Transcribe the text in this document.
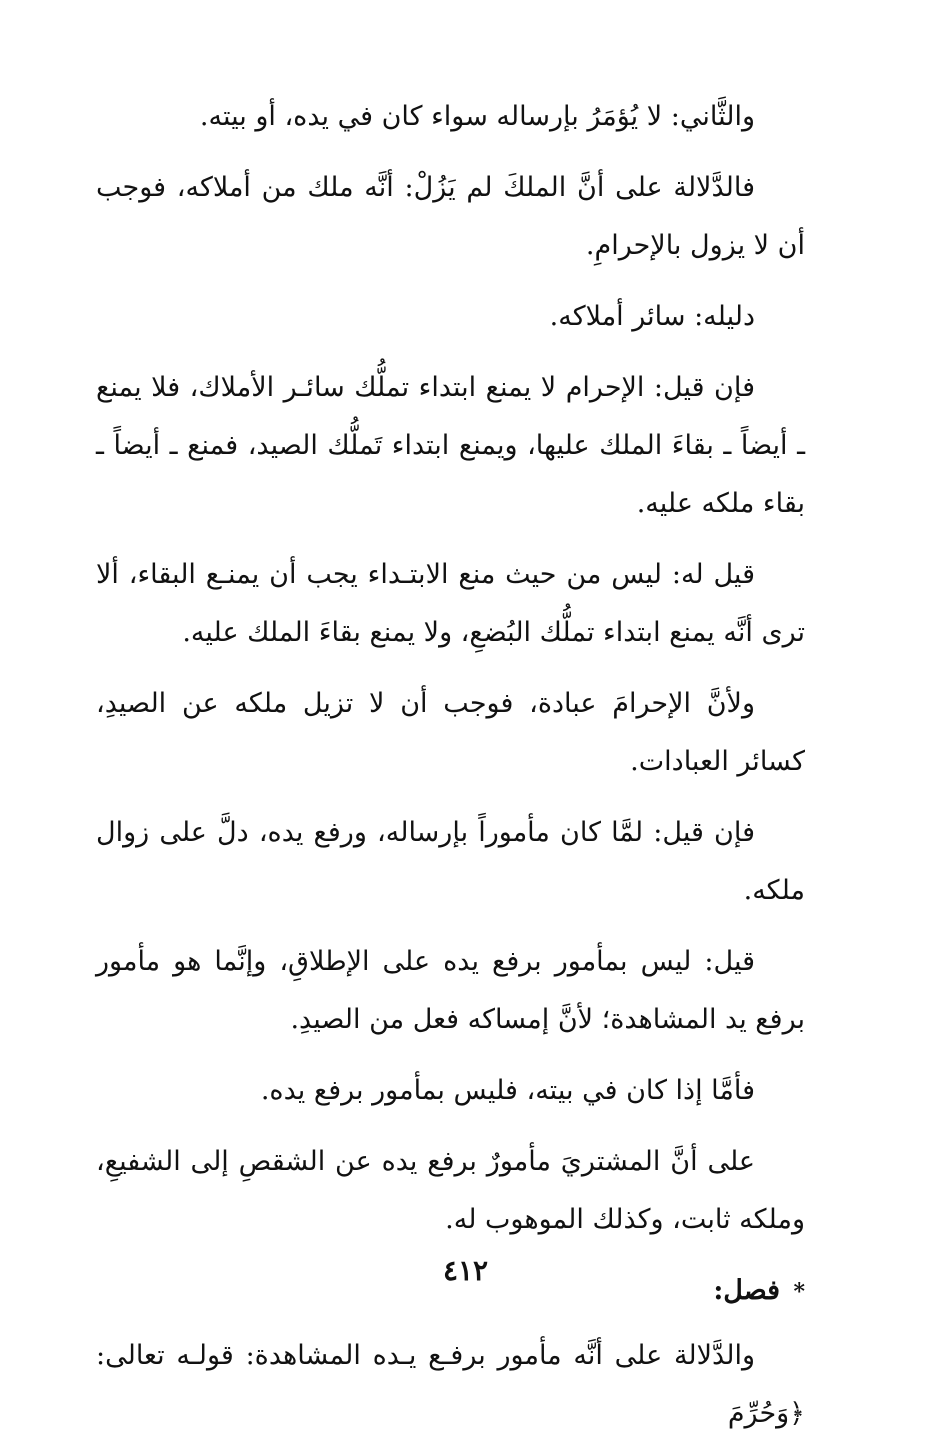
والثَّاني: لا يُؤمَرُ بإرساله سواء كان في يده، أو بيته.

فالدَّلالة على أنَّ الملكَ لم يَزُلْ: أنَّه ملك من أملاكه، فوجب أن لا يزول بالإحرامِ.

دليله: سائر أملاكه.

فإن قيل: الإحرام لا يمنع ابتداء تملُّك سائـر الأملاك، فلا يمنع ـ أيضاً ـ بقاءَ الملك عليها، ويمنع ابتداء تَملُّك الصيد، فمنع ـ أيضاً ـ بقاء ملكه عليه.

قيل له: ليس من حيث منع الابتـداء يجب أن يمنـع البقاء، ألا ترى أنَّه يمنع ابتداء تملُّك البُضعِ، ولا يمنع بقاءَ الملك عليه.

ولأنَّ الإحرامَ عبادة، فوجب أن لا تزيل ملكه عن الصيدِ، كسائر العبادات.

فإن قيل: لمَّا كان مأموراً بإرساله، ورفع يده، دلَّ على زوال ملكه.

قيل: ليس بمأمور برفع يده على الإطلاقِ، وإنَّما هو مأمور برفع يد المشاهدة؛ لأنَّ إمساكه فعل من الصيدِ.

فأمَّا إذا كان في بيته، فليس بمأمور برفع يده.

على أنَّ المشتريَ مأمورٌ برفع يده عن الشقصِ إلى الشفيعِ، وملكه ثابت، وكذلك الموهوب له.

* فصل:

والدَّلالة على أنَّه مأمور برفـع يـده المشاهدة: قولـه تعالى: ﴿وَحُرِّمَ

٤١٢
